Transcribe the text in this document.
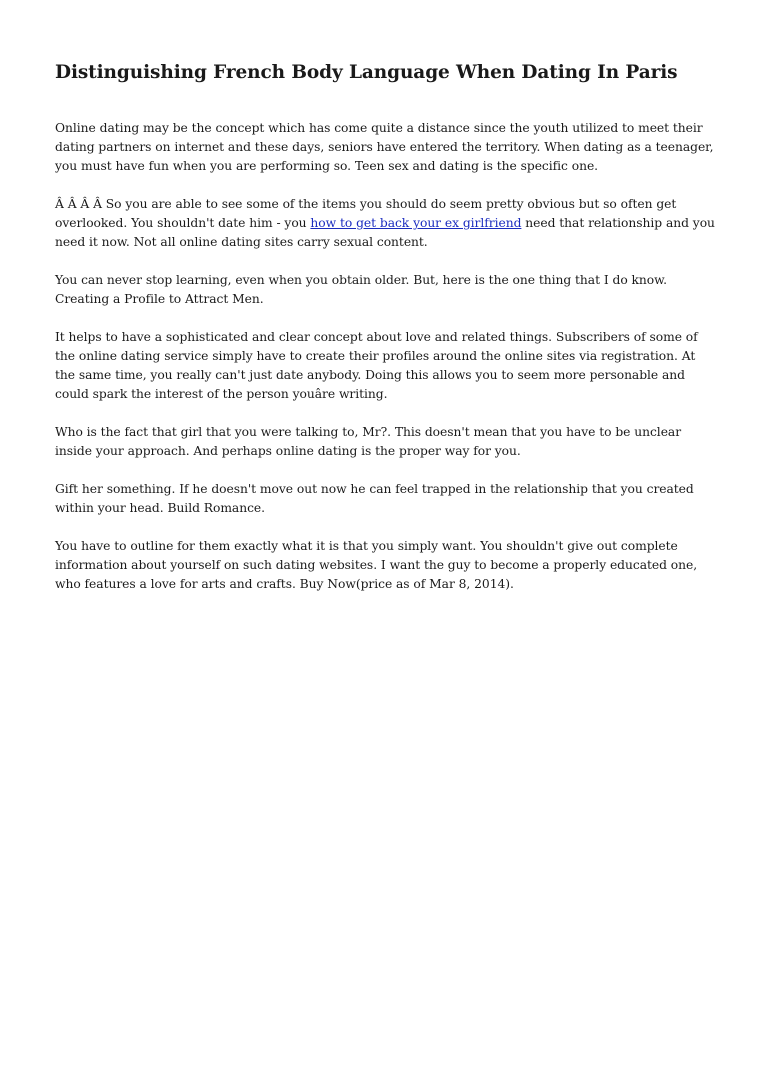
Distinguishing French Body Language When Dating In Paris

Online dating may be the concept which has come quite a distance since the youth utilized to meet their dating partners on internet and these days, seniors have entered the territory. When dating as a teenager, you must have fun when you are performing so. Teen sex and dating is the specific one.

Â Â Â Â So you are able to see some of the items you should do seem pretty obvious but so often get overlooked. You shouldn't date him - you how to get back your ex girlfriend need that relationship and you need it now. Not all online dating sites carry sexual content.

You can never stop learning, even when you obtain older. But, here is the one thing that I do know. Creating a Profile to Attract Men.

It helps to have a sophisticated and clear concept about love and related things. Subscribers of some of the online dating service simply have to create their profiles around the online sites via registration. At the same time, you really can't just date anybody. Doing this allows you to seem more personable and could spark the interest of the person youâre writing.

Who is the fact that girl that you were talking to, Mr?. This doesn't mean that you have to be unclear inside your approach. And perhaps online dating is the proper way for you.

Gift her something. If he doesn't move out now he can feel trapped in the relationship that you created within your head. Build Romance.

You have to outline for them exactly what it is that you simply want. You shouldn't give out complete information about yourself on such dating websites. I want the guy to become a properly educated one, who features a love for arts and crafts. Buy Now(price as of Mar 8, 2014).
